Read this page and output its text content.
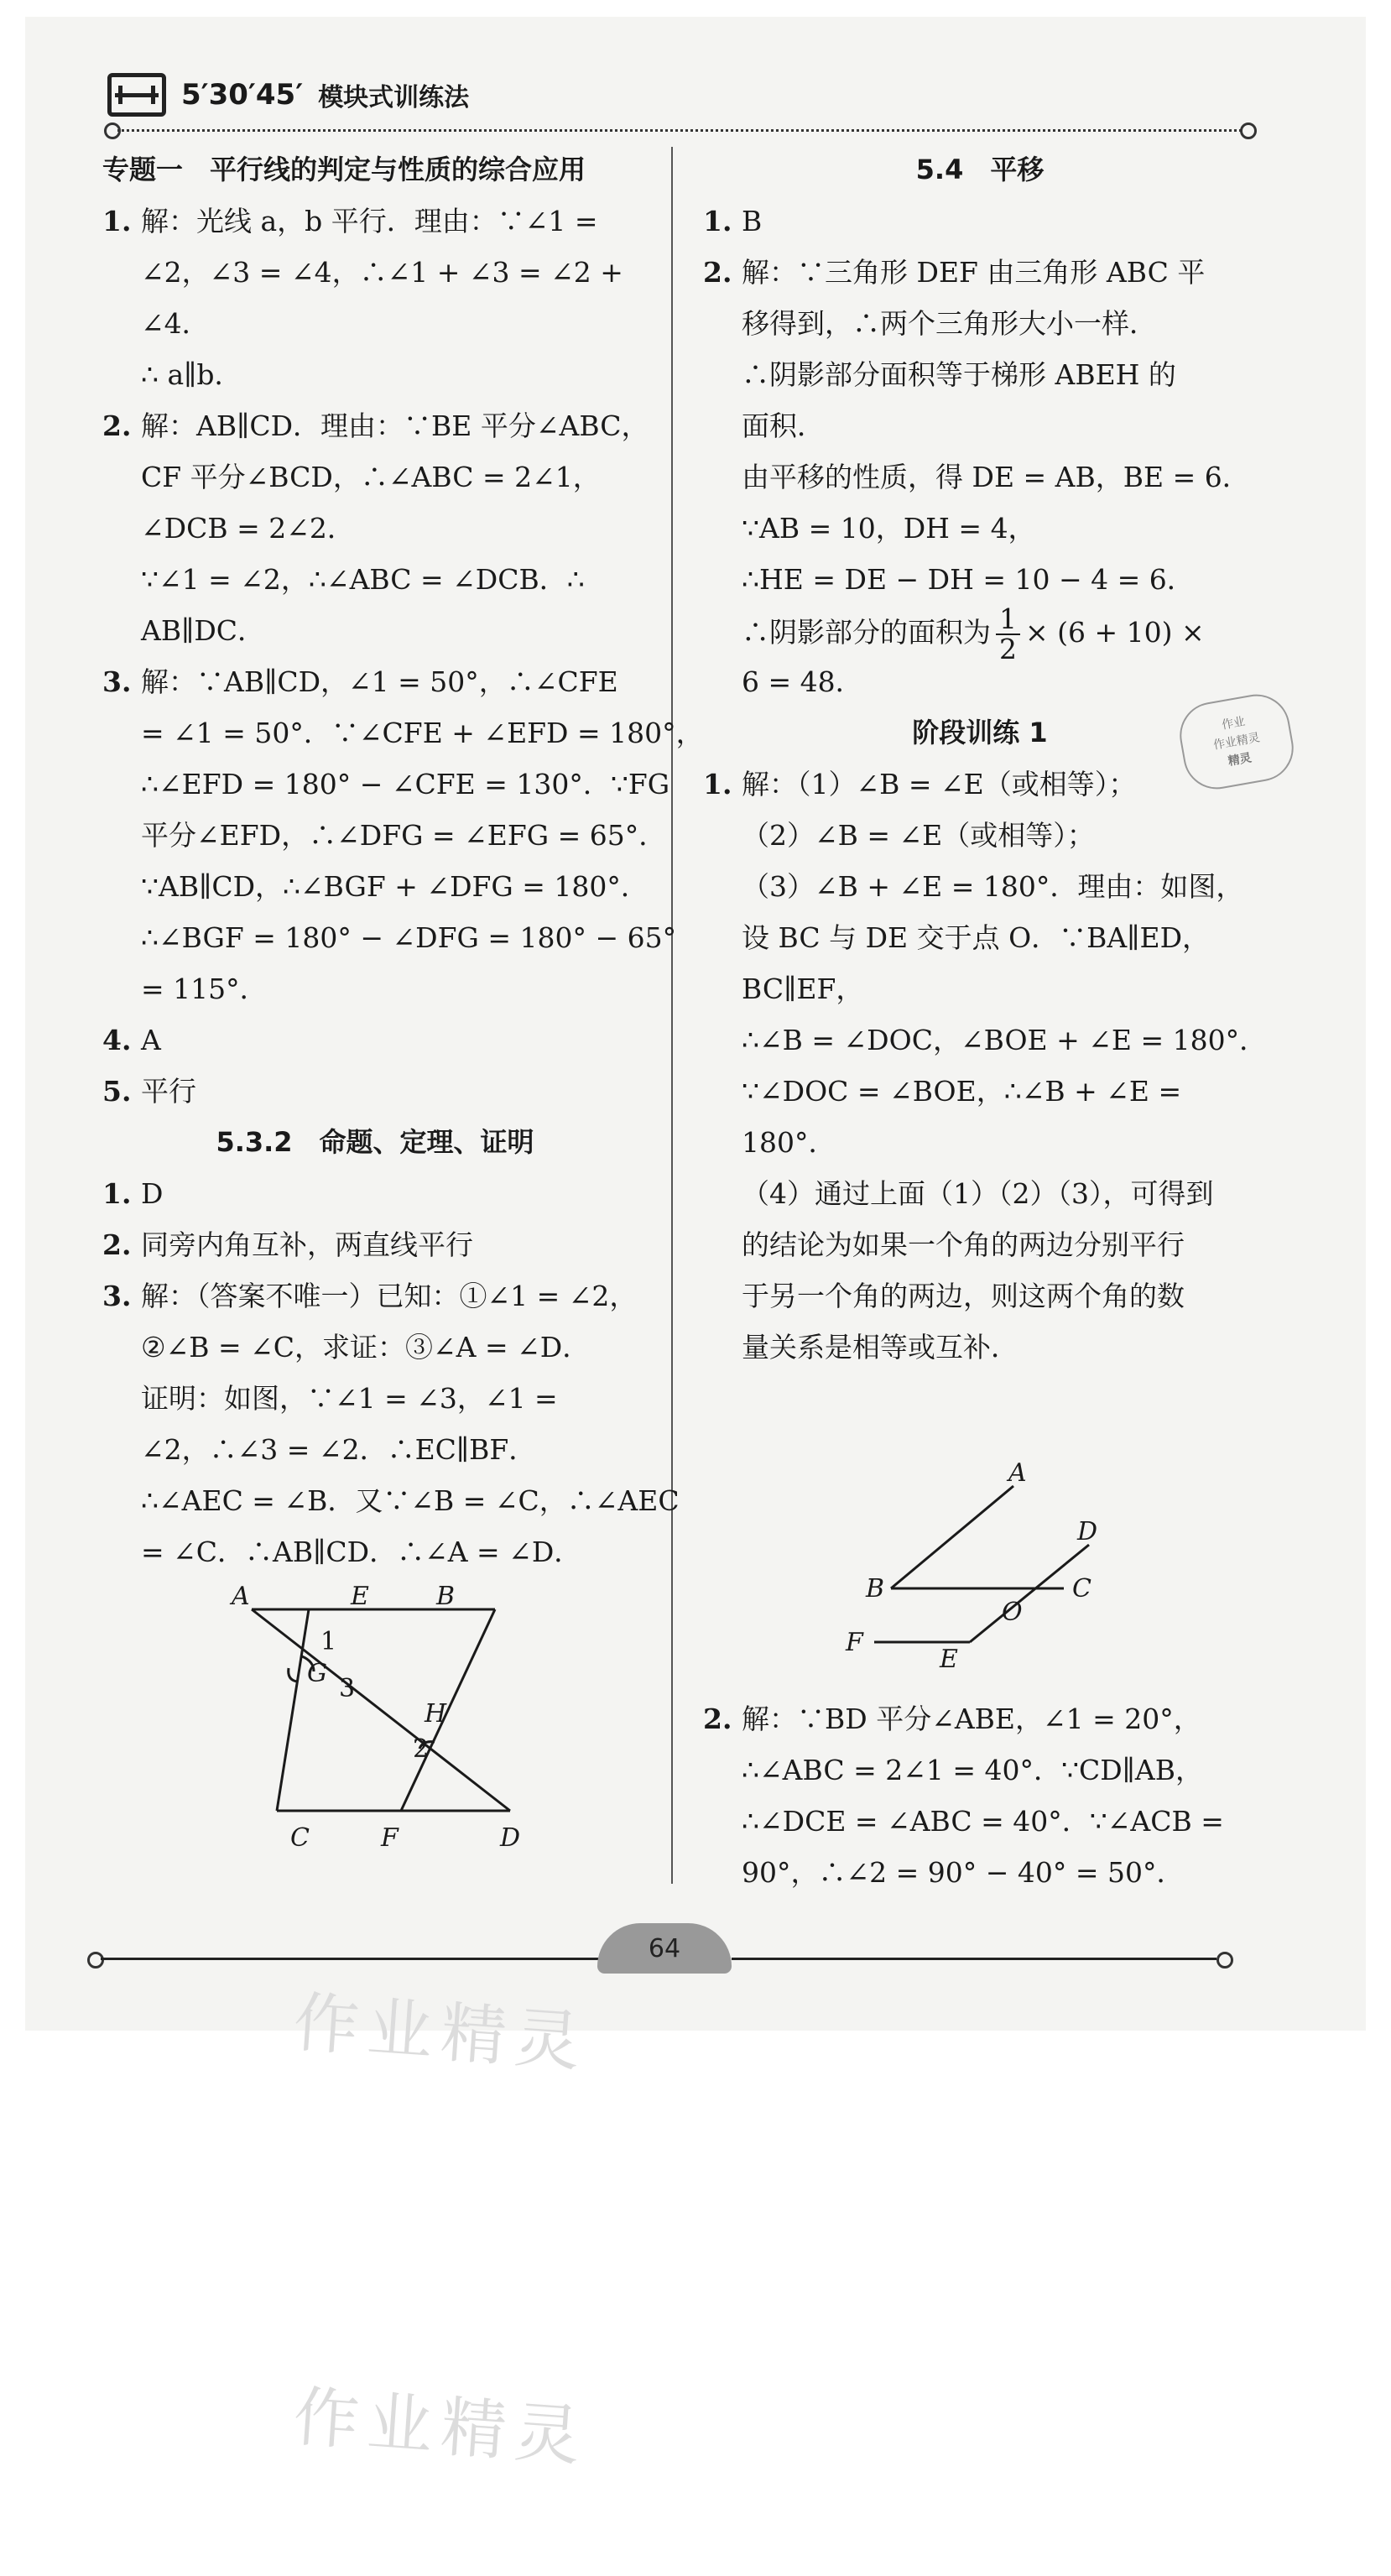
5′30′45′ 模块式训练法
专题一　平行线的判定与性质的综合应用
1. 解：光线 a，b 平行．理由：∵∠1 =
∠2，∠3 = ∠4，∴∠1 + ∠3 = ∠2 +
∠4．
∴ a∥b．
2. 解：AB∥CD．理由：∵BE 平分∠ABC，
CF 平分∠BCD，∴∠ABC = 2∠1，
∠DCB = 2∠2．
∵∠1 = ∠2，∴∠ABC = ∠DCB．∴
AB∥DC．
3. 解：∵AB∥CD，∠1 = 50°，∴∠CFE
= ∠1 = 50°．∵∠CFE + ∠EFD = 180°，
∴∠EFD = 180° − ∠CFE = 130°．∵FG
平分∠EFD，∴∠DFG = ∠EFG = 65°．
∵AB∥CD，∴∠BGF + ∠DFG = 180°．
∴∠BGF = 180° − ∠DFG = 180° − 65°
= 115°．
4. A
5. 平行
5.3.2　命题、定理、证明
1. D
2. 同旁内角互补，两直线平行
3. 解：（答案不唯一）已知：①∠1 = ∠2，
②∠B = ∠C，求证：③∠A = ∠D．
证明：如图，∵∠1 = ∠3，∠1 =
∠2，∴∠3 = ∠2．∴EC∥BF．
∴∠AEC = ∠B．又∵∠B = ∠C，∴∠AEC
= ∠C．∴AB∥CD．∴∠A = ∠D．
A	E	B
1
G
3
H
2
C	F	D
5.4　平移
1. B
2. 解：∵三角形 DEF 由三角形 ABC 平
移得到，∴两个三角形大小一样．
∴阴影部分面积等于梯形 ABEH 的
面积．
由平移的性质，得 DE = AB，BE = 6．
∵AB = 10，DH = 4，
∴HE = DE − DH = 10 − 4 = 6．
∴阴影部分的面积为 $\frac{1}{2} \times (6 + 10)$ ×
6 = 48．
阶段训练 1
1. 解：（1）∠B = ∠E（或相等）；
（2）∠B = ∠E（或相等）；
（3）∠B + ∠E = 180°．理由：如图，
设 BC 与 DE 交于点 O．∵BA∥ED，
BC∥EF，
∴∠B = ∠DOC，∠BOE + ∠E = 180°．
∵∠DOC = ∠BOE，∴∠B + ∠E =
180°．
（4）通过上面（1）（2）（3），可得到
的结论为如果一个角的两边分别平行
于另一个角的两边，则这两个角的数
量关系是相等或互补．
作业
作业精灵
精灵
A
D
B
O
C
F
E
2. 解：∵BD 平分∠ABE，∠1 = 20°，
∴∠ABC = 2∠1 = 40°．∵CD∥AB，
∴∠DCE = ∠ABC = 40°．∵∠ACB =
90°，∴∠2 = 90° − 40° = 50°．
64
作业精灵
作业精灵
